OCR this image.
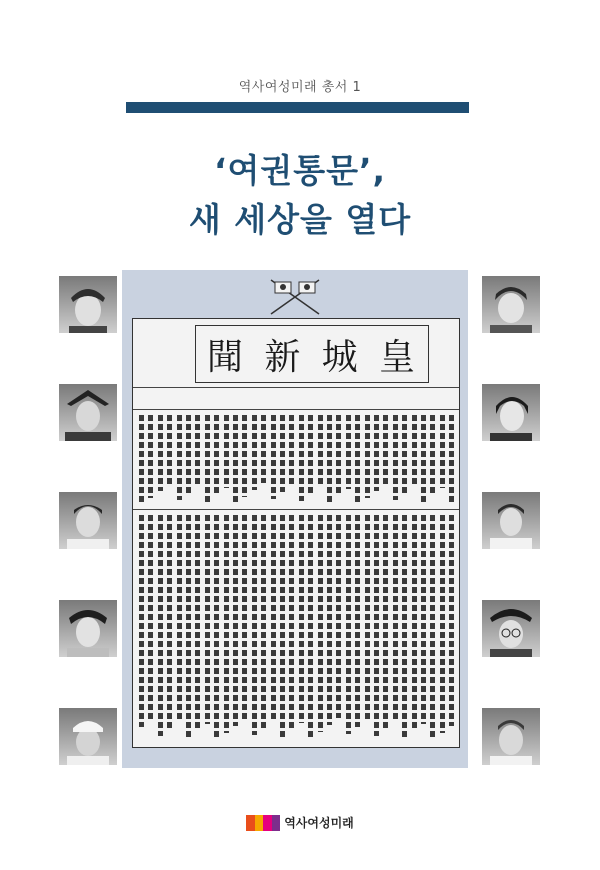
역사여성미래 총서 1
‘여권통문’,
새 세상을 열다
聞 新 城 皇
역사여성미래
